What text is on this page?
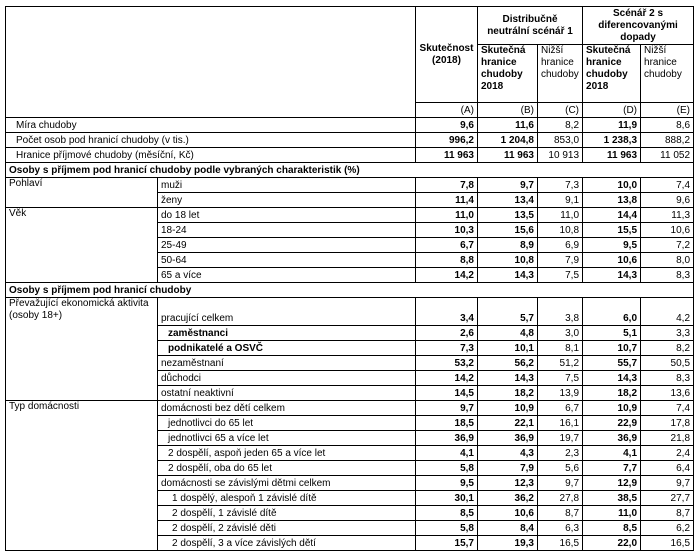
		Skutečnost (2018)	Distribučně neutrální scénář 1		Scénář 2 s diferencovanými dopady	
			Skutečná hranice chudoby 2018	Nižší hranice chudoby	Skutečná hranice chudoby 2018	Nižší hranice chudoby
		(A)	(B)	(C)	(D)	(E)
Míra chudoby		9,6	11,6	8,2	11,9	8,6
Počet osob pod hranicí chudoby (v tis.)		996,2	1 204,8	853,0	1 238,3	888,2
Hranice příjmové chudoby (měsíční, Kč)		11 963	11 963	10 913	11 963	11 052
Osoby s příjmem pod hranicí chudoby podle vybraných charakteristik (%)						
Pohlaví	muži	7,8	9,7	7,3	10,0	7,4
	ženy	11,4	13,4	9,1	13,8	9,6
Věk	do 18 let	11,0	13,5	11,0	14,4	11,3
	18-24	10,3	15,6	10,8	15,5	10,6
	25-49	6,7	8,9	6,9	9,5	7,2
	50-64	8,8	10,8	7,9	10,6	8,0
	65 a více	14,2	14,3	7,5	14,3	8,3
Osoby s příjmem pod hranicí chudoby						
Převažující ekonomická aktivita (osoby 18+)	pracující celkem	3,4	5,7	3,8	6,0	4,2
	zaměstnanci	2,6	4,8	3,0	5,1	3,3
	podnikatelé a OSVČ	7,3	10,1	8,1	10,7	8,2
	nezaměstnaní	53,2	56,2	51,2	55,7	50,5
	důchodci	14,2	14,3	7,5	14,3	8,3
	ostatní neaktivní	14,5	18,2	13,9	18,2	13,6
Typ domácnosti	domácnosti bez dětí celkem	9,7	10,9	6,7	10,9	7,4
	jednotlivci do 65 let	18,5	22,1	16,1	22,9	17,8
	jednotlivci 65 a více let	36,9	36,9	19,7	36,9	21,8
	2 dospělí, aspoň jeden 65 a více let	4,1	4,3	2,3	4,1	2,4
	2 dospělí, oba do 65 let	5,8	7,9	5,6	7,7	6,4
	domácnosti se závislými dětmi celkem	9,5	12,3	9,7	12,9	9,7
	1 dospělý, alespoň 1 závislé dítě	30,1	36,2	27,8	38,5	27,7
	2 dospělí, 1 závislé dítě	8,5	10,6	8,7	11,0	8,7
	2 dospělí, 2 závislé děti	5,8	8,4	6,3	8,5	6,2
	2 dospělí, 3 a více závislých dětí	15,7	19,3	16,5	22,0	16,5
